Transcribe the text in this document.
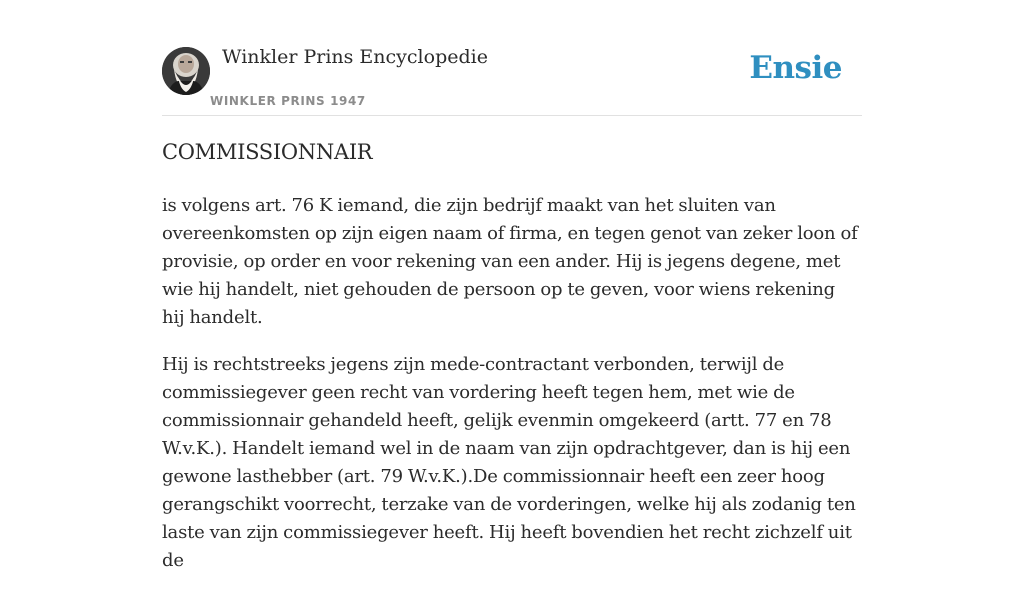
Winkler Prins Encyclopedie
WINKLER PRINS 1947
Ensie
COMMISSIONNAIR

is volgens art. 76 K iemand, die zijn bedrijf maakt van het sluiten van overeenkomsten op zijn eigen naam of firma, en tegen genot van zeker loon of provisie, op order en voor rekening van een ander. Hij is jegens degene, met wie hij handelt, niet gehouden de persoon op te geven, voor wiens rekening hij handelt.

Hij is rechtstreeks jegens zijn mede-contractant verbonden, terwijl de commissiegever geen recht van vordering heeft tegen hem, met wie de commissionnair gehandeld heeft, gelijk evenmin omgekeerd (artt. 77 en 78 W.v.K.). Handelt iemand wel in de naam van zijn opdrachtgever, dan is hij een gewone lasthebber (art. 79 W.v.K.).De commissionnair heeft een zeer hoog gerangschikt voorrecht, terzake van de vorderingen, welke hij als zodanig ten laste van zijn commissiegever heeft. Hij heeft bovendien het recht zichzelf uit de
